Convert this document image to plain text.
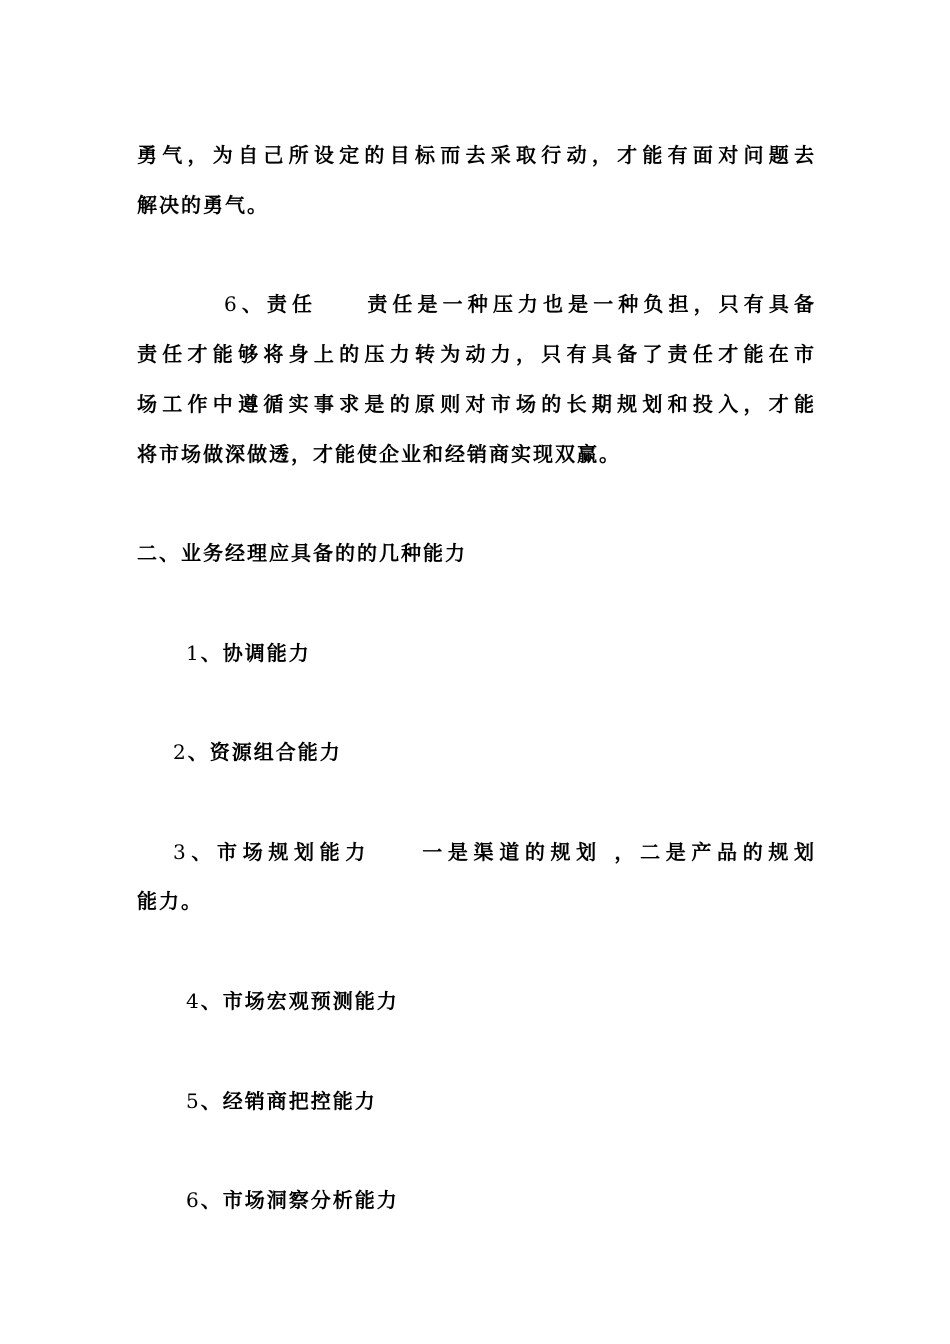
勇气，为自己所设定的目标而去采取行动，才能有面对问题去
解决的勇气。
6、责任　　责任是一种压力也是一种负担，只有具备
责任才能够将身上的压力转为动力，只有具备了责任才能在市
场工作中遵循实事求是的原则对市场的长期规划和投入，才能
将市场做深做透，才能使企业和经销商实现双赢。
二、业务经理应具备的的几种能力
1、协调能力
2、资源组合能力
3、市场规划能力　　一是渠道的规划 ，二是产品的规划
能力。
4、市场宏观预测能力
5、经销商把控能力
6、市场洞察分析能力
